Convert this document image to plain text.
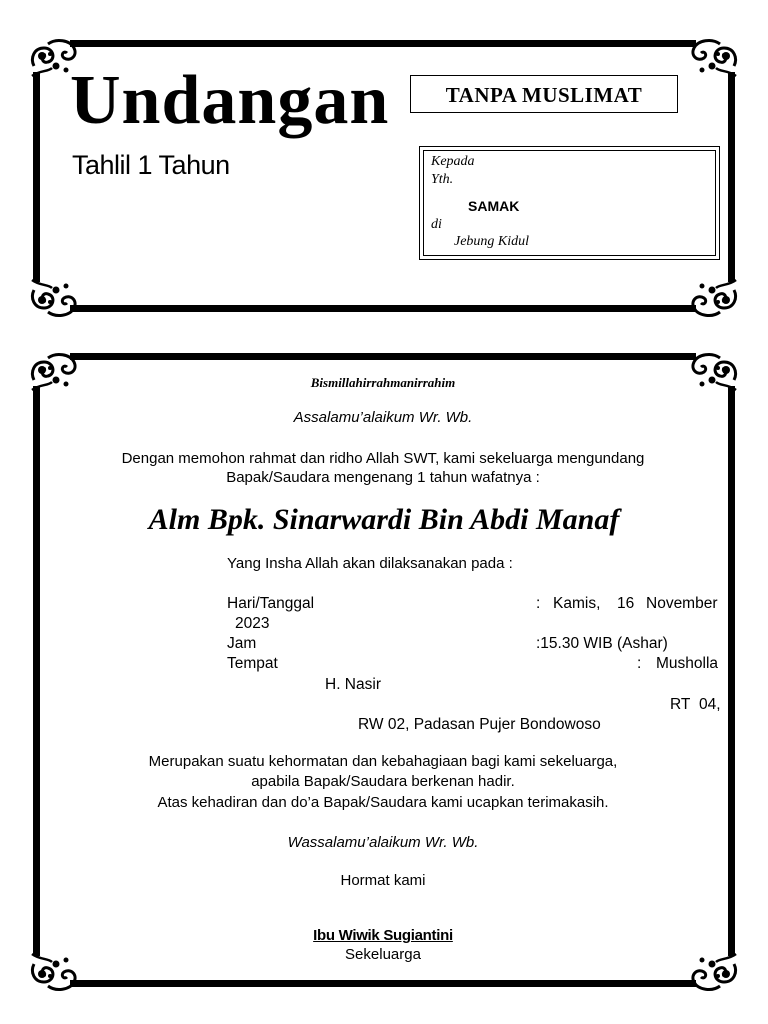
Undangan
Tahlil 1 Tahun
TANPA MUSLIMAT
Kepada
Yth.
SAMAK
di
Jebung Kidul
Bismillahirrahmanirrahim
Assalamu’alaikum Wr. Wb.
Dengan memohon rahmat dan ridho Allah SWT, kami sekeluarga mengundang
Bapak/Saudara mengenang 1 tahun wafatnya :
Alm Bpk. Sinarwardi Bin Abdi Manaf
Yang Insha Allah akan dilaksanakan pada :
Hari/Tanggal	: Kamis, 16 November
2023
Jam	:15.30 WIB (Ashar)
Tempat	: Musholla
H. Nasir
RT 04,
RW 02, Padasan Pujer Bondowoso
Merupakan suatu kehormatan dan kebahagiaan bagi kami sekeluarga,
apabila Bapak/Saudara berkenan hadir.
Atas kehadiran dan do’a Bapak/Saudara kami ucapkan terimakasih.
Wassalamu’alaikum Wr. Wb.
Hormat kami
Ibu Wiwik Sugiantini
Sekeluarga
